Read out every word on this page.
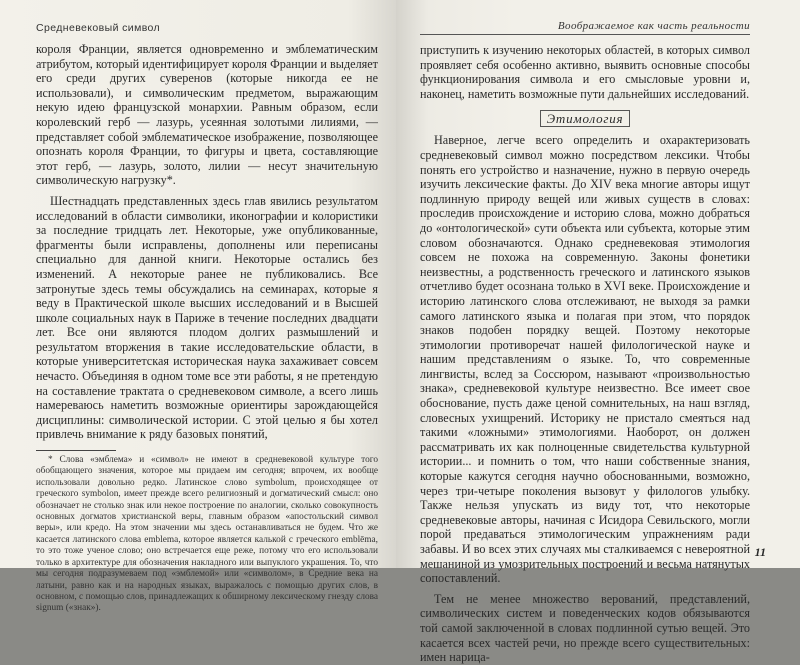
Средневековый символ

короля Франции, является одновременно и эмблематическим атрибутом, который идентифицирует короля Франции и выделяет его среди других суверенов (которые никогда ее не использовали), и символическим предметом, выражающим некую идею французской монархии. Равным образом, если королевский герб — лазурь, усеянная золотыми лилиями, — представляет собой эмблематическое изображение, позволяющее опознать короля Франции, то фигуры и цвета, составляющие этот герб, — лазурь, золото, лилии — несут значительную символическую нагрузку*.

Шестнадцать представленных здесь глав явились результатом исследований в области символики, иконографии и колористики за последние тридцать лет. Некоторые, уже опубликованные, фрагменты были исправлены, дополнены или переписаны специально для данной книги. Некоторые остались без изменений. А некоторые ранее не публиковались. Все затронутые здесь темы обсуждались на семинарах, которые я веду в Практической школе высших исследований и в Высшей школе социальных наук в Париже в течение последних двадцати лет. Все они являются плодом долгих размышлений и результатом вторжения в такие исследовательские области, в которые университетская историческая наука захаживает совсем нечасто. Объединяя в одном томе все эти работы, я не претендую на составление трактата о средневековом символе, а всего лишь намереваюсь наметить возможные ориентиры зарождающейся дисциплины: символической истории. С этой целью я бы хотел привлечь внимание к ряду базовых понятий,

* Слова «эмблема» и «символ» не имеют в средневековой культуре того обобщающего значения, которое мы придаем им сегодня; впрочем, их вообще использовали довольно редко. Латинское слово symbolum, происходящее от греческого symbolon, имеет прежде всего религиозный и догматический смысл: оно обозначает не столько знак или некое построение по аналогии, сколько совокупность основных догматов христианской веры, главным образом «апостольский символ веры», или кредо. На этом значении мы здесь останавливаться не будем. Что же касается латинского слова emblema, которое является калькой с греческого emblēma, то это тоже ученое слово; оно встречается еще реже, потому что его использовали только в архитектуре для обозначения накладного или выпуклого украшения. То, что мы сегодня подразумеваем под «эмблемой» или «символом», в Средние века на латыни, равно как и на народных языках, выражалось с помощью других слов, в основном, с помощью слов, принадлежащих к обширному лексическому гнезду слова signum («знак»).

Воображаемое как часть реальности

приступить к изучению некоторых областей, в которых символ проявляет себя особенно активно, выявить основные способы функционирования символа и его смысловые уровни и, наконец, наметить возможные пути дальнейших исследований.

Этимология

Наверное, легче всего определить и охарактеризовать средневековый символ можно посредством лексики. Чтобы понять его устройство и назначение, нужно в первую очередь изучить лексические факты. До XIV века многие авторы ищут подлинную природу вещей или живых существ в словах: проследив происхождение и историю слова, можно добраться до «онтологической» сути объекта или субъекта, которые этим словом обозначаются. Однако средневековая этимология совсем не похожа на современную. Законы фонетики неизвестны, а родственность греческого и латинского языков отчетливо будет осознана только в XVI веке. Происхождение и историю латинского слова отслеживают, не выходя за рамки самого латинского языка и полагая при этом, что порядок знаков подобен порядку вещей. Поэтому некоторые этимологии противоречат нашей филологической науке и нашим представлениям о языке. То, что современные лингвисты, вслед за Соссюром, называют «произвольностью знака», средневековой культуре неизвестно. Все имеет свое обоснование, пусть даже ценой сомнительных, на наш взгляд, словесных ухищрений. Историку не пристало смеяться над такими «ложными» этимологиями. Наоборот, он должен рассматривать их как полноценные свидетельства культурной истории... и помнить о том, что наши собственные знания, которые кажутся сегодня научно обоснованными, возможно, через три-четыре поколения вызовут у филологов улыбку. Также нельзя упускать из виду тот, что некоторые средневековые авторы, начиная с Исидора Севильского, могли порой предаваться этимологическим упражнениям ради забавы. И во всех этих случаях мы сталкиваемся с невероятной мешаниной из умозрительных построений и весьма натянутых сопоставлений.

Тем не менее множество верований, представлений, символических систем и поведенческих кодов обязываются той самой заключенной в словах подлинной сутью вещей. Это касается всех частей речи, но прежде всего существительных: имен нарица-

11
